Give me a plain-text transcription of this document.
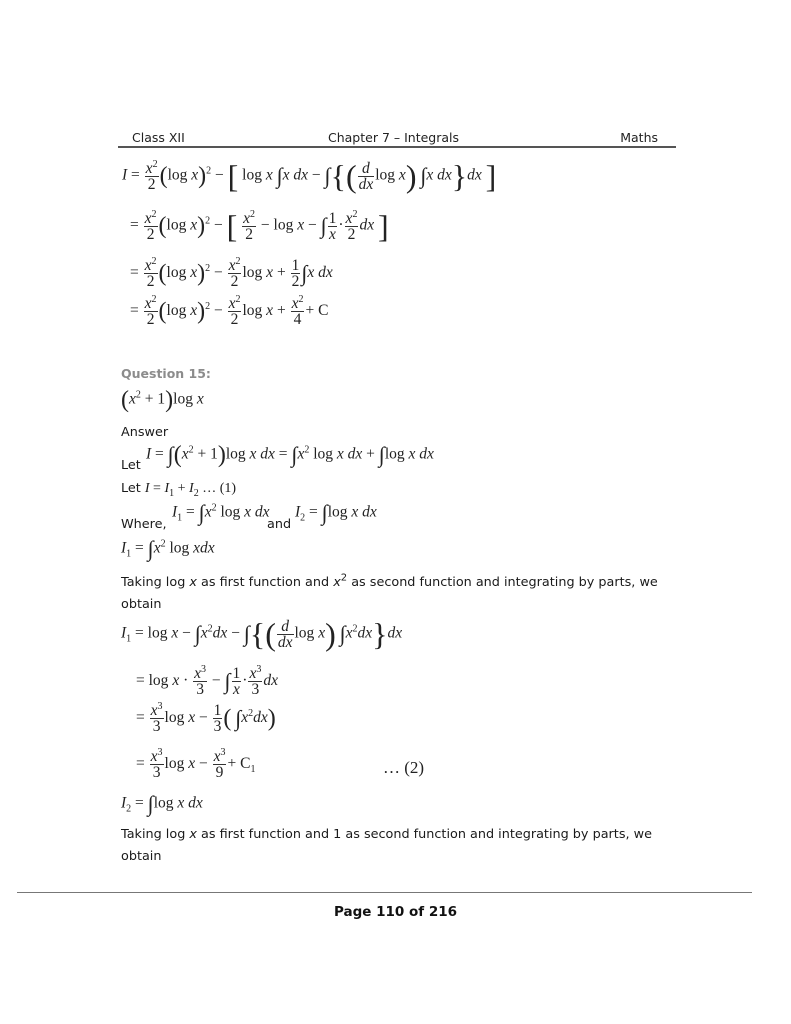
Class XII	Chapter 7 – Integrals	Maths
$I = \frac{x^2}{2} (\log$ x)$^2$ − [ log x ∫x dx − ∫{( $\frac{d}{dx}$ log x) ∫x dx}dx ]
= $\frac{x^2}{2} (\log$ x)$^2$ − [ $\frac{x^2}{2} - \log x$ − ∫ $\frac{1}{x} \cdot \frac{x^2}{2}$ dx ]
= $\frac{x^2}{2} (\log$ $x)^2 - \frac{x^2}{2}$ $\log x + \frac{1}{2} \int x$ dx
= $\frac{x^2}{2} (\log$ $x)^2 - \frac{x^2}{2}$ $\log x + \frac{x^2}{4} + C$
Question 15:
$(x^2 + 1)\log$ x
Answer
Let
$I = \int(x^2 + 1)\log$ x dx = $\int x^2$ log x dx + ∫log x dx
Let $I = I_1 + I_2$ … (1)
Where,
$I_1 = \int x^2$ log x dx
and
$I_2 = \int\log$ x dx
$I_1 = \int x^2$ log xdx
Taking log x as first function and $x^2$ as second function and integrating by parts, we
obtain
$I_1 = \log x - \int x^2dx$ − ∫{( $\frac{d}{dx}$ log x) $\int x^2dx\}dx$
= $\log x \cdot \frac{x^3}{3}$ − ∫ $\frac{1}{x} \cdot \frac{x^3}{3}$ dx
= $\frac{x^3}{3}$ $\log x - \frac{1}{3}$ ( $\int x^2dx$)
= $\frac{x^3}{3}$ $\log x - \frac{x^3}{9} + C_1$	… (2)
$I_2 = \int\log$ x dx
Taking log x as first function and 1 as second function and integrating by parts, we
obtain
Page 110 of 216
